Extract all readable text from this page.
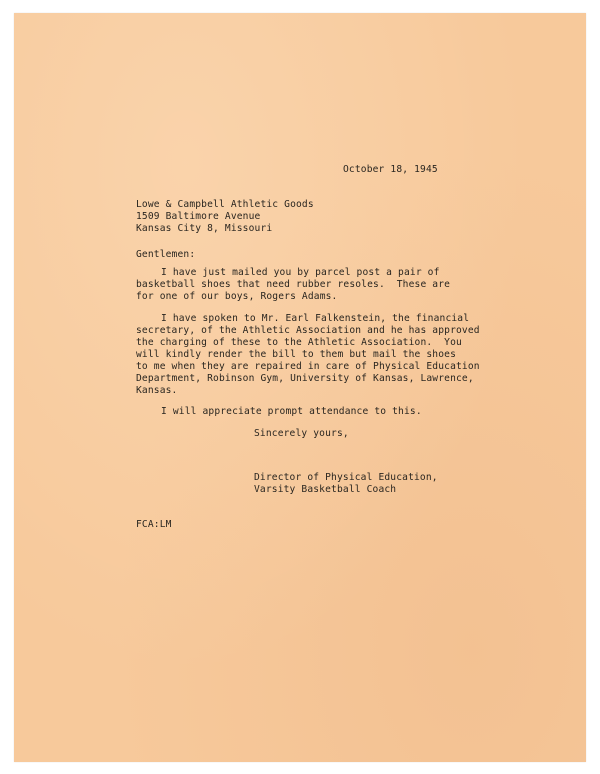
October 18, 1945
Lowe & Campbell Athletic Goods
1509 Baltimore Avenue
Kansas City 8, Missouri
Gentlemen:
I have just mailed you by parcel post a pair of
basketball shoes that need rubber resoles.  These are
for one of our boys, Rogers Adams.
I have spoken to Mr. Earl Falkenstein, the financial
secretary, of the Athletic Association and he has approved
the charging of these to the Athletic Association.  You
will kindly render the bill to them but mail the shoes
to me when they are repaired in care of Physical Education
Department, Robinson Gym, University of Kansas, Lawrence,
Kansas.
I will appreciate prompt attendance to this.
Sincerely yours,
Director of Physical Education,
Varsity Basketball Coach
FCA:LM
